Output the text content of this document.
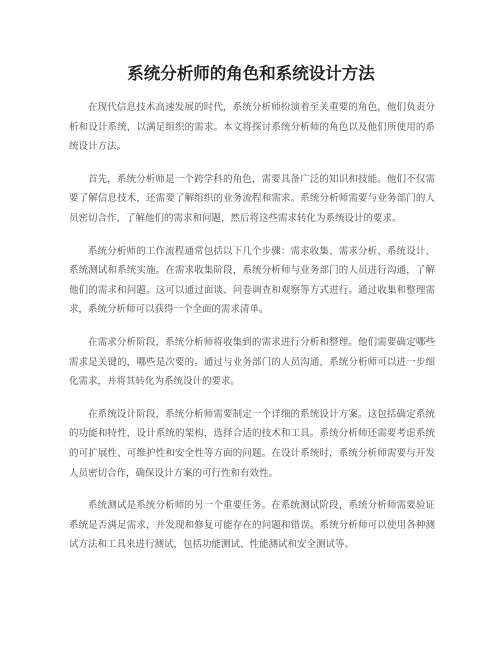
系统分析师的角色和系统设计方法

在现代信息技术高速发展的时代，系统分析师扮演着至关重要的角色，他们负责分析和设计系统，以满足组织的需求。本文将探讨系统分析师的角色以及他们所使用的系统设计方法。

首先，系统分析师是一个跨学科的角色，需要具备广泛的知识和技能。他们不仅需要了解信息技术，还需要了解组织的业务流程和需求。系统分析师需要与业务部门的人员密切合作，了解他们的需求和问题，然后将这些需求转化为系统设计的要求。

系统分析师的工作流程通常包括以下几个步骤：需求收集、需求分析、系统设计、系统测试和系统实施。在需求收集阶段，系统分析师与业务部门的人员进行沟通，了解他们的需求和问题。这可以通过面谈、问卷调查和观察等方式进行。通过收集和整理需求，系统分析师可以获得一个全面的需求清单。

在需求分析阶段，系统分析师将收集到的需求进行分析和整理。他们需要确定哪些需求是关键的，哪些是次要的。通过与业务部门的人员沟通，系统分析师可以进一步细化需求，并将其转化为系统设计的要求。

在系统设计阶段，系统分析师需要制定一个详细的系统设计方案。这包括确定系统的功能和特性，设计系统的架构，选择合适的技术和工具。系统分析师还需要考虑系统的可扩展性、可维护性和安全性等方面的问题。在设计系统时，系统分析师需要与开发人员密切合作，确保设计方案的可行性和有效性。

系统测试是系统分析师的另一个重要任务。在系统测试阶段，系统分析师需要验证系统是否满足需求，并发现和修复可能存在的问题和错误。系统分析师可以使用各种测试方法和工具来进行测试，包括功能测试、性能测试和安全测试等。
